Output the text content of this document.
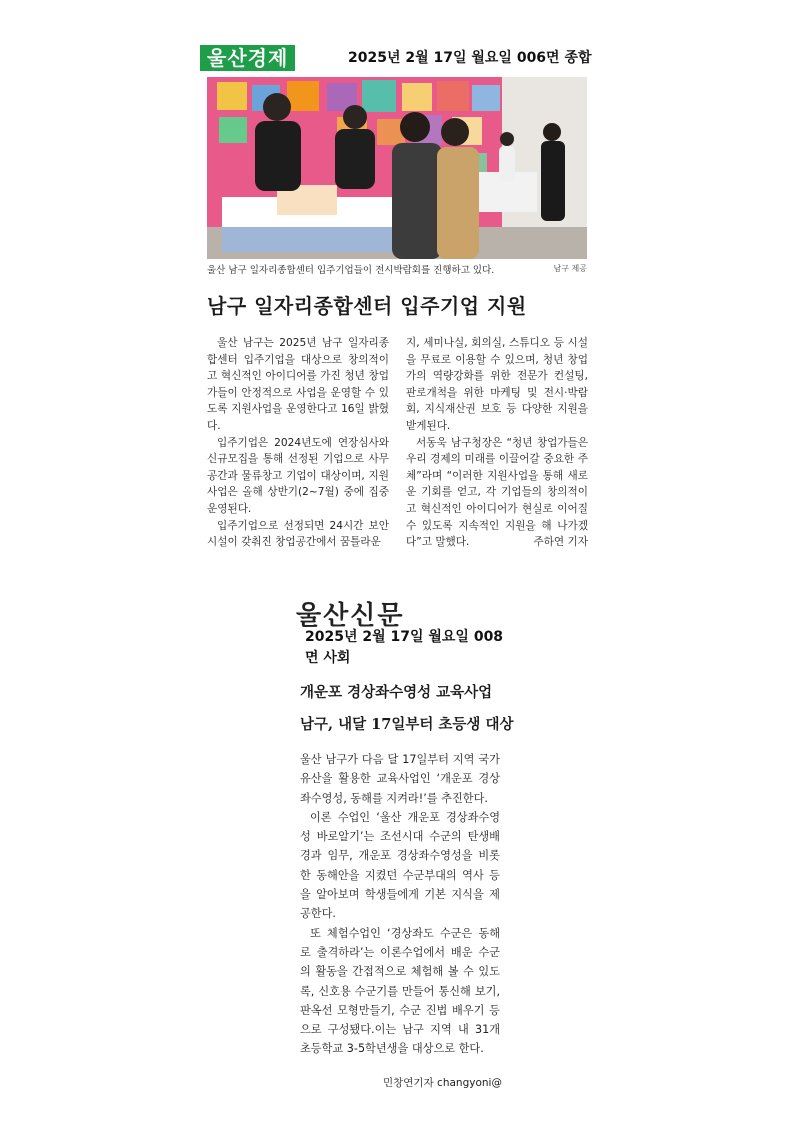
울산경제	2025년 2월 17일 월요일 006면 종합
울산 남구 일자리종합센터 입주기업들이 전시박람회를 진행하고 있다.	남구 제공
남구 일자리종합센터 입주기업 지원

울산 남구는 2025년 남구 일자리종합센터 입주기업을 대상으로 창의적이고 혁신적인 아이디어를 가진 청년 창업가들이 안정적으로 사업을 운영할 수 있도록 지원사업을 운영한다고 16일 밝혔다.

입주기업은 2024년도에 연장심사와 신규모집을 통해 선정된 기업으로 사무공간과 물류창고 기업이 대상이며, 지원사업은 올해 상반기(2~7월) 중에 집중 운영된다.

입주기업으로 선정되면 24시간 보안시설이 갖춰진 창업공간에서 꿈틀라운

지, 세미나실, 회의실, 스튜디오 등 시설을 무료로 이용할 수 있으며, 청년 창업가의 역량강화를 위한 전문가 컨설팅, 판로개척을 위한 마케팅 및 전시·박람회, 지식재산권 보호 등 다양한 지원을 받게된다.

서동욱 남구청장은 “청년 창업가들은 우리 경제의 미래를 이끌어갈 중요한 주체”라며 “이러한 지원사업을 통해 새로운 기회를 얻고, 각 기업들의 창의적이고 혁신적인 아이디어가 현실로 이어질 수 있도록 지속적인 지원을 해 나가겠다”고 말했다.	주하연 기자
울산신문
2025년 2월 17일 월요일 008면 사회
개운포 경상좌수영성 교육사업
남구, 내달 17일부터 초등생 대상

울산 남구가 다음 달 17일부터 지역 국가유산을 활용한 교육사업인 ‘개운포 경상좌수영성, 동해를 지켜라!’를 추진한다.

이론 수업인 ‘울산 개운포 경상좌수영성 바로알기’는 조선시대 수군의 탄생배경과 임무, 개운포 경상좌수영성을 비롯한 동해안을 지켰던 수군부대의 역사 등을 알아보며 학생들에게 기본 지식을 제공한다.

또 체험수업인 ‘경상좌도 수군은 동해로 출격하라’는 이론수업에서 배운 수군의 활동을 간접적으로 체험해 볼 수 있도록, 신호용 수군기를 만들어 통신해 보기, 판옥선 모형만들기, 수군 진법 배우기 등으로 구성됐다.이는 남구 지역 내 31개 초등학교 3-5학년생을 대상으로 한다.

민창연기자 changyoni@
